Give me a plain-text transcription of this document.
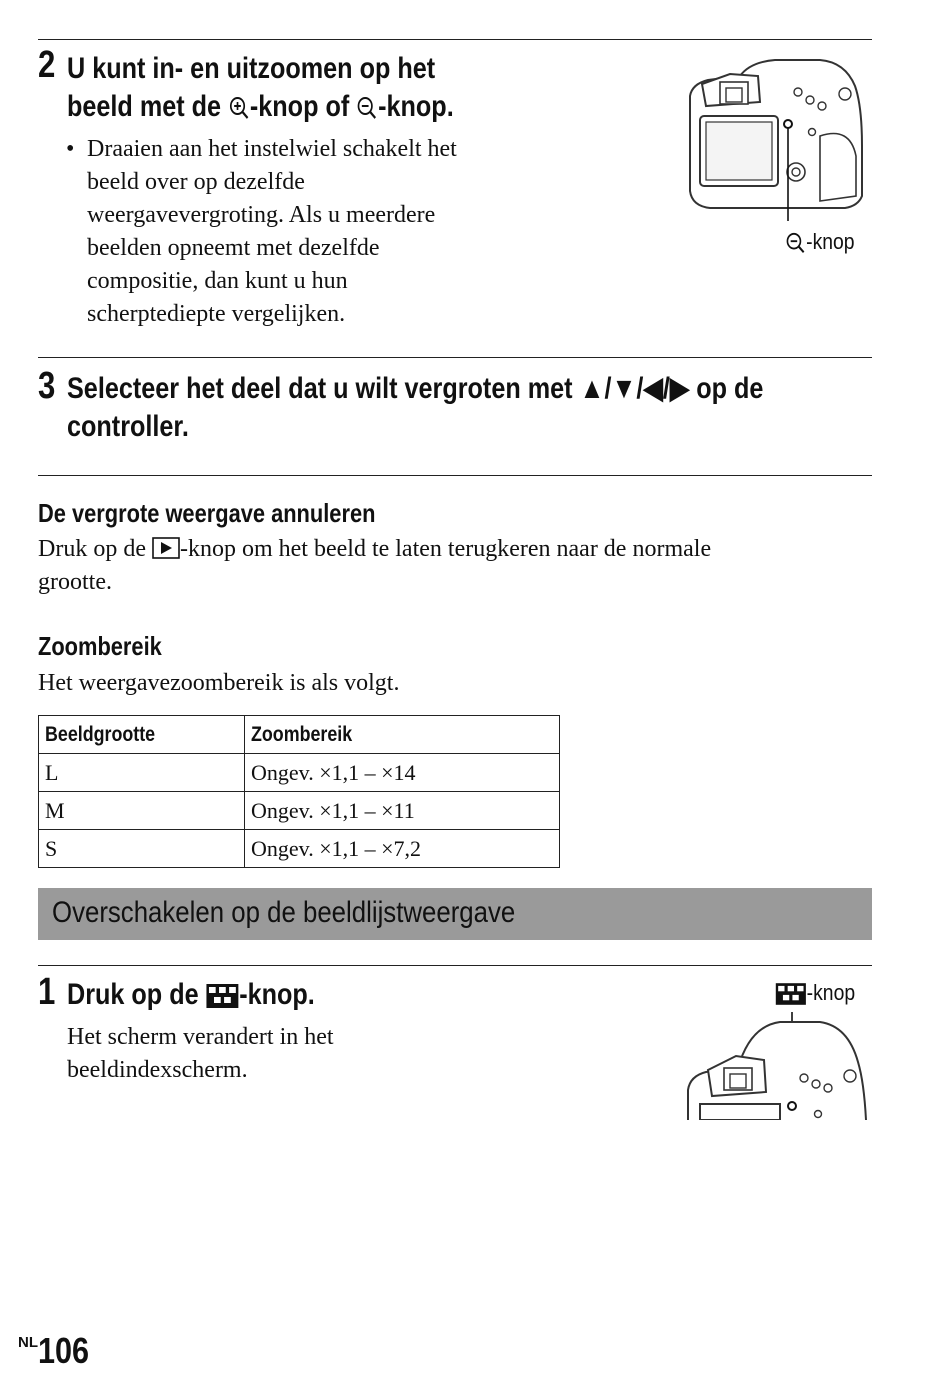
2 U kunt in- en uitzoomen op het
beeld met de -knop of -knop.
• Draaien aan het instelwiel schakelt het
beeld over op dezelfde
weergavevergroting. Als u meerdere
beelden opneemt met dezelfde
compositie, dan kunt u hun
scherptediepte vergelijken.
-knop
3 Selecteer het deel dat u wilt vergroten met ▲/▼/◀/▶ op de
controller.
De vergrote weergave annuleren
Druk op de -knop om het beeld te laten terugkeren naar de normale
grootte.
Zoombereik
Het weergavezoombereik is als volgt.
Beeldgrootte	Zoombereik
L	Ongev. ×1,1 – ×14
M	Ongev. ×1,1 – ×11
S	Ongev. ×1,1 – ×7,2
Overschakelen op de beeldlijstweergave
1 Druk op de -knop.
Het scherm verandert in het
beeldindexscherm.
-knop
NL106
